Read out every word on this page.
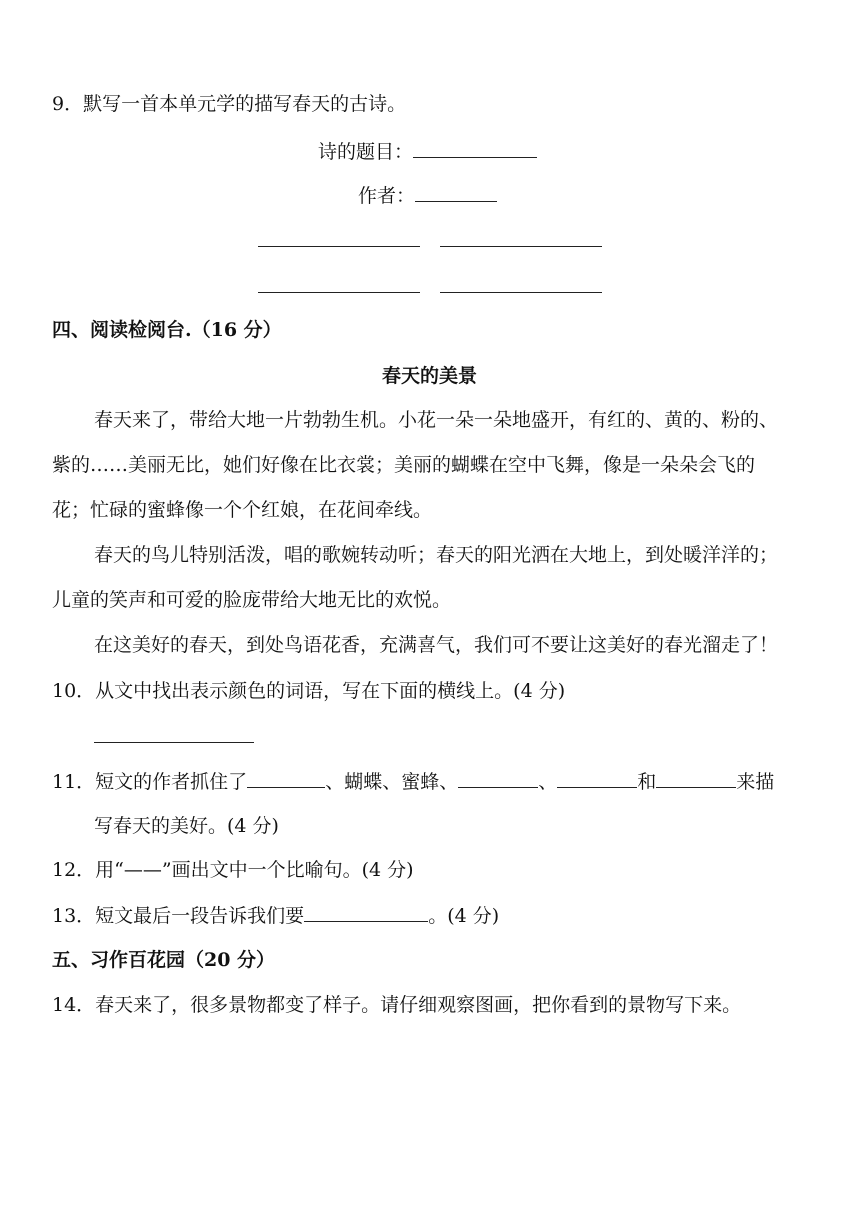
9．默写一首本单元学的描写春天的古诗。
诗的题目：
作者：
四、阅读检阅台.（16 分）
春天的美景
春天来了，带给大地一片勃勃生机。小花一朵一朵地盛开，有红的、黄的、粉的、
紫的……美丽无比，她们好像在比衣裳；美丽的蝴蝶在空中飞舞，像是一朵朵会飞的
花；忙碌的蜜蜂像一个个红娘，在花间牵线。
春天的鸟儿特别活泼，唱的歌婉转动听；春天的阳光洒在大地上，到处暖洋洋的；
儿童的笑声和可爱的脸庞带给大地无比的欢悦。
在这美好的春天，到处鸟语花香，充满喜气，我们可不要让这美好的春光溜走了！
10．从文中找出表示颜色的词语，写在下面的横线上。(4 分)
11．短文的作者抓住了	、蝴蝶、蜜蜂、	、	和	来描
写春天的美好。(4 分)
12．用“——”画出文中一个比喻句。(4 分)
13．短文最后一段告诉我们要	。(4 分)
五、习作百花园（20 分）
14．春天来了，很多景物都变了样子。请仔细观察图画，把你看到的景物写下来。
